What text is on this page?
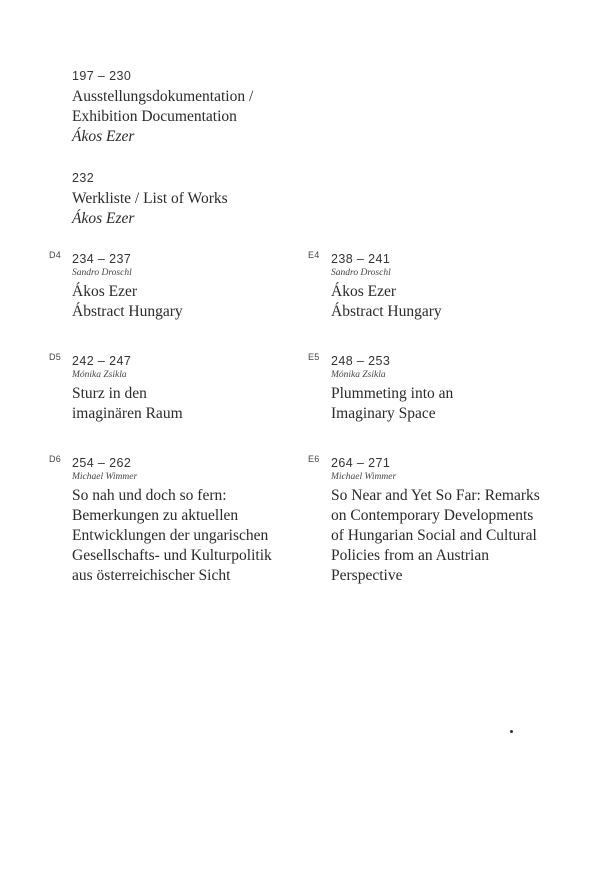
197 – 230
Ausstellungsdokumentation /
Exhibition Documentation
Ákos Ezer
232
Werkliste / List of Works
Ákos Ezer
D4 234 – 237
Sandro Droschl
Ákos Ezer
Ábstract Hungary
E4 238 – 241
Sandro Droschl
Ákos Ezer
Ábstract Hungary
D5 242 – 247
Mónika Zsikla
Sturz in den
imaginären Raum
E5 248 – 253
Mónika Zsikla
Plummeting into an
Imaginary Space
D6 254 – 262
Michael Wimmer
So nah und doch so fern:
Bemerkungen zu aktuellen
Entwicklungen der ungarischen
Gesellschafts- und Kulturpolitik
aus österreichischer Sicht
E6 264 – 271
Michael Wimmer
So Near and Yet So Far: Remarks
on Contemporary Developments
of Hungarian Social and Cultural
Policies from an Austrian
Perspective
